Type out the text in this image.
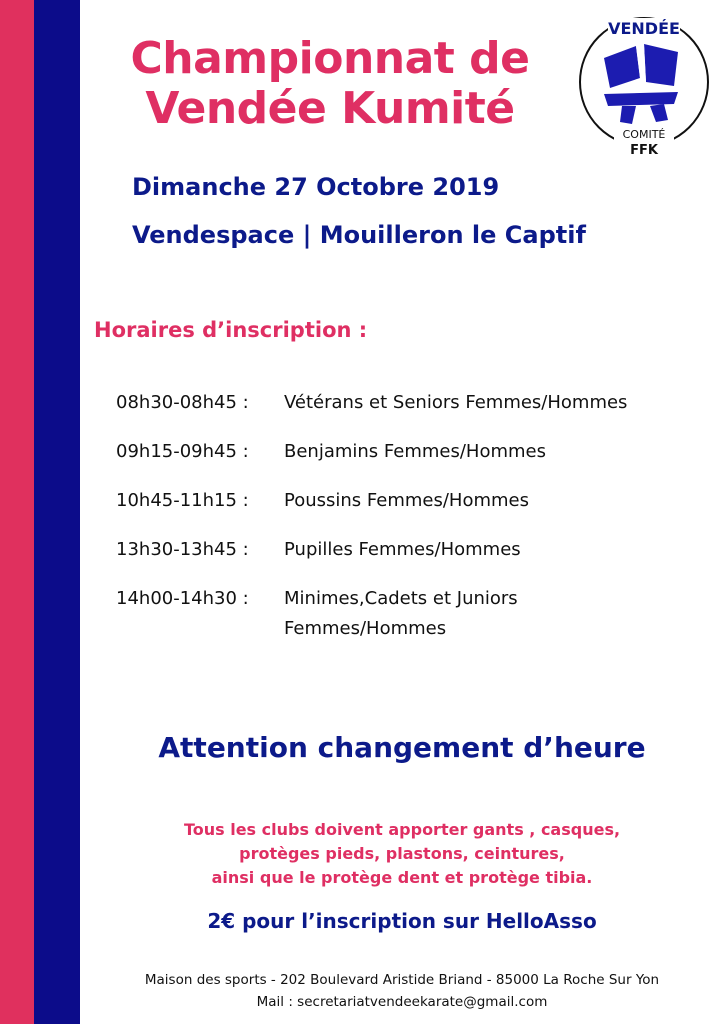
Championnat de
Vendée Kumité
VENDÉE
COMITÉ
FFK
Dimanche 27 Octobre 2019
Vendespace | Mouilleron le Captif
Horaires d’inscription :
08h30-08h45 :	Vétérans et Seniors Femmes/Hommes
09h15-09h45 :	Benjamins Femmes/Hommes
10h45-11h15 :	Poussins Femmes/Hommes
13h30-13h45 :	Pupilles Femmes/Hommes
14h00-14h30 :	Minimes,Cadets et Juniors Femmes/Hommes
Attention changement d’heure
Tous les clubs doivent apporter gants , casques,
protèges pieds, plastons, ceintures,
ainsi que le protège dent et protège tibia.
2€ pour l’inscription sur HelloAsso
Maison des sports - 202 Boulevard Aristide Briand - 85000 La Roche Sur Yon
Mail : secretariatvendeekarate@gmail.com
